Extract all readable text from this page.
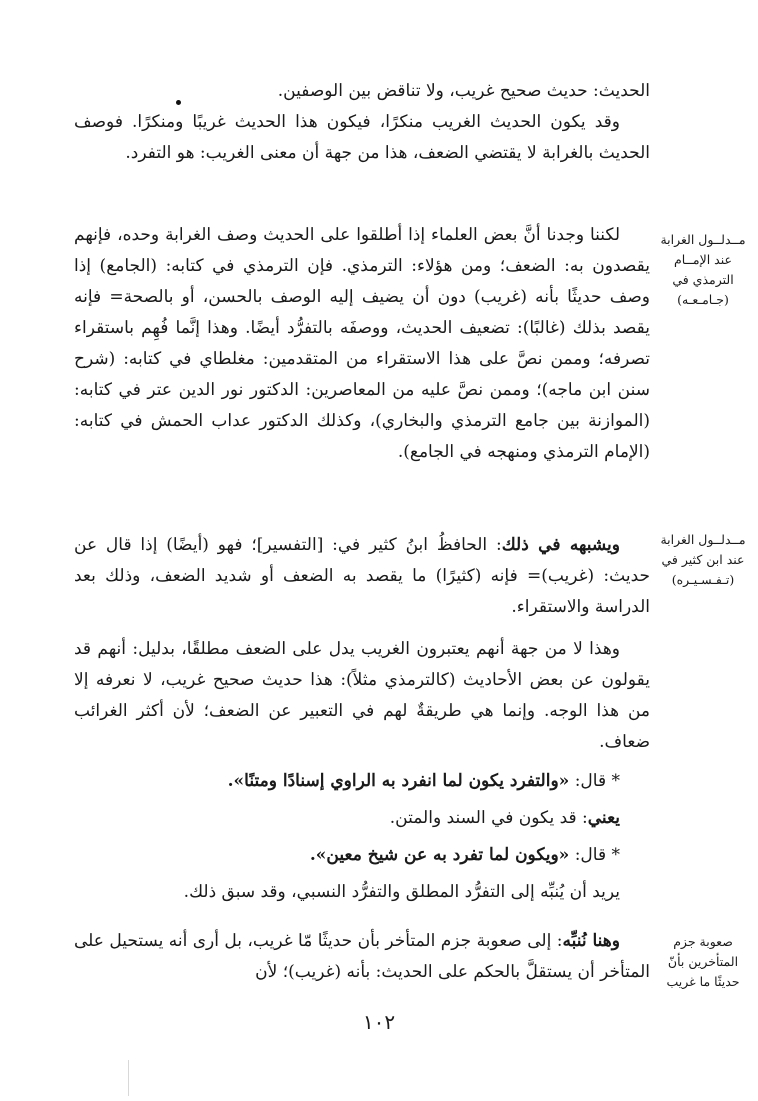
الحديث: حديث صحيح غريب، ولا تناقض بين الوصفين.

وقد يكون الحديث الغريب منكرًا، فيكون هذا الحديث غريبًا ومنكرًا. فوصف الحديث بالغرابة لا يقتضي الضعف، هذا من جهة أن معنى الغريب: هو التفرد.

لكننا وجدنا أنَّ بعض العلماء إذا أطلقوا على الحديث وصف الغرابة وحده، فإنهم يقصدون به: الضعف؛ ومن هؤلاء: الترمذي. فإن الترمذي في كتابه: (الجامع) إذا وصف حديثًا بأنه (غريب) دون أن يضيف إليه الوصف بالحسن، أو بالصحة= فإنه يقصد بذلك (غالبًا): تضعيف الحديث، ووصفَه بالتفرُّد أيضًا. وهذا إنَّما فُهِم باستقراء تصرفه؛ وممن نصَّ على هذا الاستقراء من المتقدمين: مغلطاي في كتابه: (شرح سنن ابن ماجه)؛ وممن نصَّ عليه من المعاصرين: الدكتور نور الدين عتر في كتابه: (الموازنة بين جامع الترمذي والبخاري)، وكذلك الدكتور عداب الحمش في كتابه: (الإمام الترمذي ومنهجه في الجامع).

ويشبهه في ذلك: الحافظُ ابنُ كثير في: [التفسير]؛ فهو (أيضًا) إذا قال عن حديث: (غريب)= فإنه (كثيرًا) ما يقصد به الضعف أو شديد الضعف، وذلك بعد الدراسة والاستقراء.

وهذا لا من جهة أنهم يعتبرون الغريب يدل على الضعف مطلقًا، بدليل: أنهم قد يقولون عن بعض الأحاديث (كالترمذي مثلاً): هذا حديث صحيح غريب، لا نعرفه إلا من هذا الوجه. وإنما هي طريقةٌ لهم في التعبير عن الضعف؛ لأن أكثر الغرائب ضعاف.

* قال: «والتفرد يكون لما انفرد به الراوي إسنادًا ومتنًا».

يعني: قد يكون في السند والمتن.

* قال: «ويكون لما تفرد به عن شيخ معين».

يريد أن يُنبِّه إلى التفرُّد المطلق والتفرُّد النسبي، وقد سبق ذلك.

وهنا نُنبِّه: إلى صعوبة جزم المتأخر بأن حديثًا مّا غريب، بل أرى أنه يستحيل على المتأخر أن يستقلَّ بالحكم على الحديث: بأنه (غريب)؛ لأن

مــدلــول الغرابة عند الإمــام الترمذي في (جـامـعـه)
مــدلــول الغرابة عند ابن كثير في (تـفـسـيـره)
صعوبة جزم المتأخرين بأنّ حديثًا ما غريب
١٠٢
